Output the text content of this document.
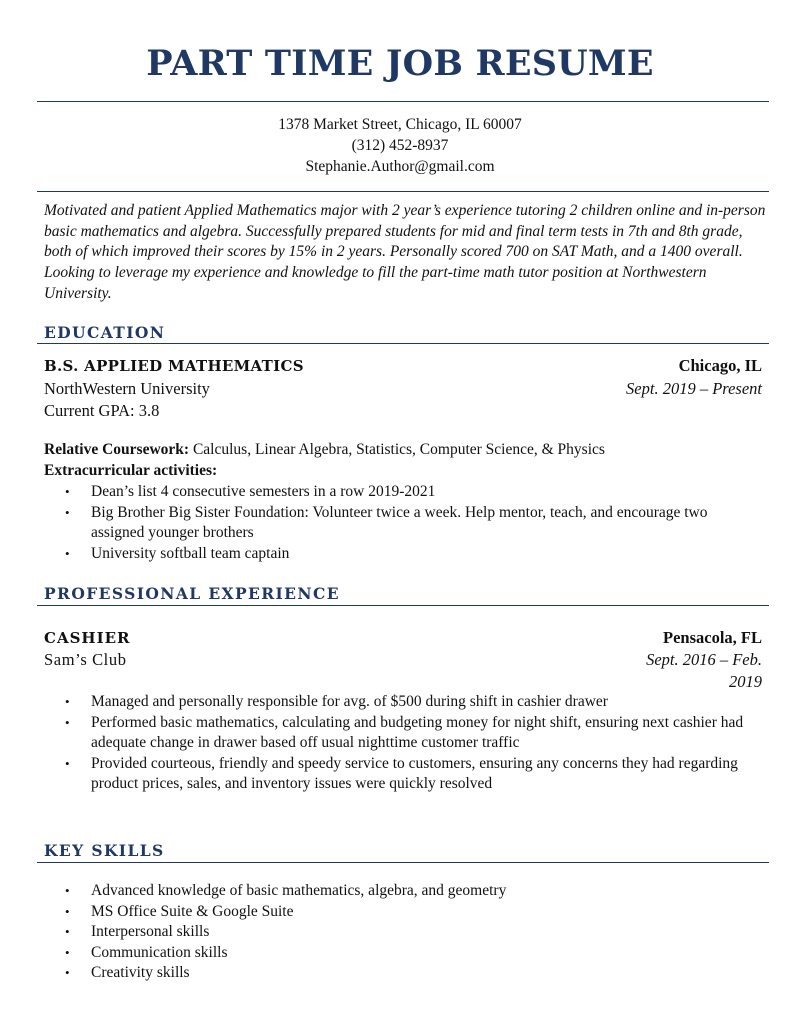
PART TIME JOB RESUME
1378 Market Street, Chicago, IL 60007
(312) 452-8937
Stephanie.Author@gmail.com
Motivated and patient Applied Mathematics major with 2 year’s experience tutoring 2 children online and in-person basic mathematics and algebra. Successfully prepared students for mid and final term tests in 7th and 8th grade, both of which improved their scores by 15% in 2 years. Personally scored 700 on SAT Math, and a 1400 overall. Looking to leverage my experience and knowledge to fill the part-time math tutor position at Northwestern University.
EDUCATION
B.S. APPLIED MATHEMATICS	Chicago, IL
NorthWestern University	Sept. 2019 – Present
Current GPA: 3.8
Relative Coursework: Calculus, Linear Algebra, Statistics, Computer Science, & Physics
Extracurricular activities:
• Dean’s list 4 consecutive semesters in a row 2019-2021
• Big Brother Big Sister Foundation: Volunteer twice a week. Help mentor, teach, and encourage two assigned younger brothers
• University softball team captain
PROFESSIONAL EXPERIENCE
CASHIER	Pensacola, FL
Sam’s Club	Sept. 2016 – Feb.
2019
• Managed and personally responsible for avg. of $500 during shift in cashier drawer
• Performed basic mathematics, calculating and budgeting money for night shift, ensuring next cashier had adequate change in drawer based off usual nighttime customer traffic
• Provided courteous, friendly and speedy service to customers, ensuring any concerns they had regarding product prices, sales, and inventory issues were quickly resolved
KEY SKILLS
• Advanced knowledge of basic mathematics, algebra, and geometry
• MS Office Suite & Google Suite
• Interpersonal skills
• Communication skills
• Creativity skills
